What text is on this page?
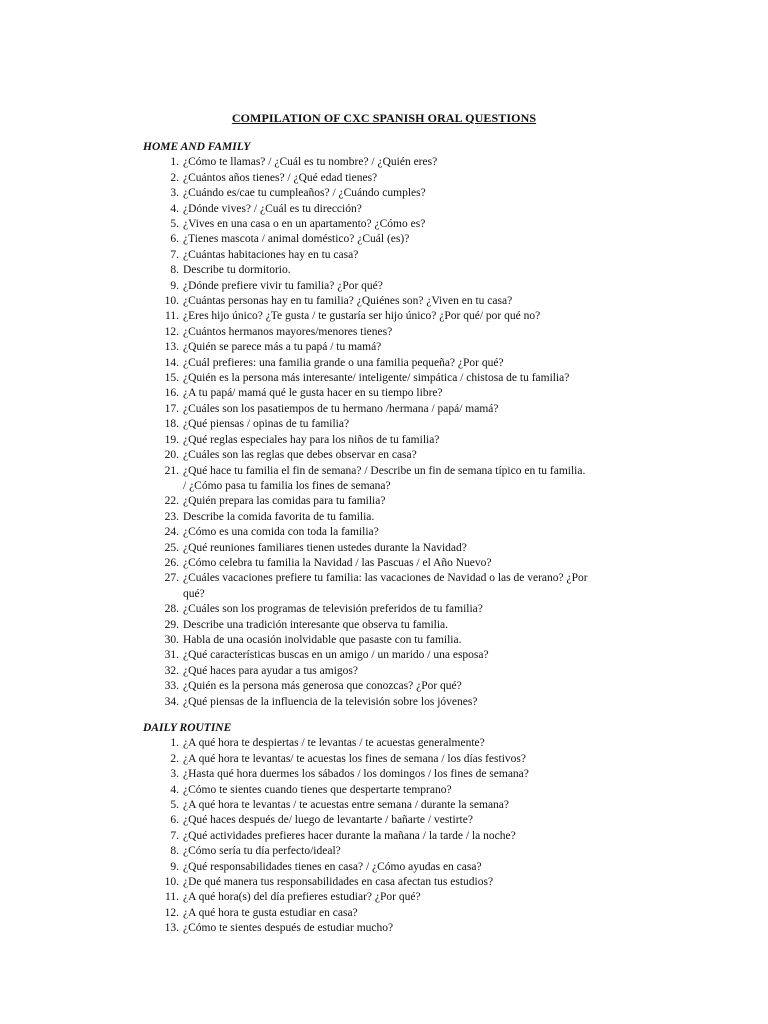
COMPILATION OF CXC SPANISH ORAL QUESTIONS
HOME AND FAMILY
1. ¿Cómo te llamas? / ¿Cuál es tu nombre? / ¿Quién eres?
2. ¿Cuántos años tienes? / ¿Qué edad tienes?
3. ¿Cuándo es/cae tu cumpleaños? / ¿Cuándo cumples?
4. ¿Dónde vives? / ¿Cuál es tu dirección?
5. ¿Vives en una casa o en un apartamento? ¿Cómo es?
6. ¿Tienes mascota / animal doméstico? ¿Cuál (es)?
7. ¿Cuántas habitaciones hay en tu casa?
8. Describe tu dormitorio.
9. ¿Dónde prefiere vivir tu familia? ¿Por qué?
10. ¿Cuántas personas hay en tu familia? ¿Quiénes son? ¿Viven en tu casa?
11. ¿Eres hijo único? ¿Te gusta / te gustaría ser hijo único? ¿Por qué/ por qué no?
12. ¿Cuántos hermanos mayores/menores tienes?
13. ¿Quién se parece más a tu papá / tu mamá?
14. ¿Cuál prefieres: una familia grande o una familia pequeña? ¿Por qué?
15. ¿Quién es la persona más interesante/ inteligente/ simpática / chistosa de tu familia?
16. ¿A tu papá/ mamá qué le gusta hacer en su tiempo libre?
17. ¿Cuáles son los pasatiempos de tu hermano /hermana / papá/ mamá?
18. ¿Qué piensas / opinas de tu familia?
19. ¿Qué reglas especiales hay para los niños de tu familia?
20. ¿Cuáles son las reglas que debes observar en casa?
21. ¿Qué hace tu familia el fin de semana? / Describe un fin de semana típico en tu familia.
/ ¿Cómo pasa tu familia los fines de semana?
22. ¿Quién prepara las comidas para tu familia?
23. Describe la comida favorita de tu familia.
24. ¿Cómo es una comida con toda la familia?
25. ¿Qué reuniones familiares tienen ustedes durante la Navidad?
26. ¿Cómo celebra tu familia la Navidad / las Pascuas / el Año Nuevo?
27. ¿Cuáles vacaciones prefiere tu familia: las vacaciones de Navidad o las de verano? ¿Por
qué?
28. ¿Cuáles son los programas de televisión preferidos de tu familia?
29. Describe una tradición interesante que observa tu familia.
30. Habla de una ocasión inolvidable que pasaste con tu familia.
31. ¿Qué características buscas en un amigo / un marido / una esposa?
32. ¿Qué haces para ayudar a tus amigos?
33. ¿Quién es la persona más generosa que conozcas? ¿Por qué?
34. ¿Qué piensas de la influencia de la televisión sobre los jóvenes?
DAILY ROUTINE
1. ¿A qué hora te despiertas / te levantas / te acuestas generalmente?
2. ¿A qué hora te levantas/ te acuestas los fines de semana / los días festivos?
3. ¿Hasta qué hora duermes los sábados / los domingos / los fines de semana?
4. ¿Cómo te sientes cuando tienes que despertarte temprano?
5. ¿A qué hora te levantas / te acuestas entre semana / durante la semana?
6. ¿Qué haces después de/ luego de levantarte / bañarte / vestirte?
7. ¿Qué actividades prefieres hacer durante la mañana / la tarde / la noche?
8. ¿Cómo sería tu día perfecto/ideal?
9. ¿Qué responsabilidades tienes en casa? / ¿Cómo ayudas en casa?
10. ¿De qué manera tus responsabilidades en casa afectan tus estudios?
11. ¿A qué hora(s) del día prefieres estudiar? ¿Por qué?
12. ¿A qué hora te gusta estudiar en casa?
13. ¿Cómo te sientes después de estudiar mucho?
